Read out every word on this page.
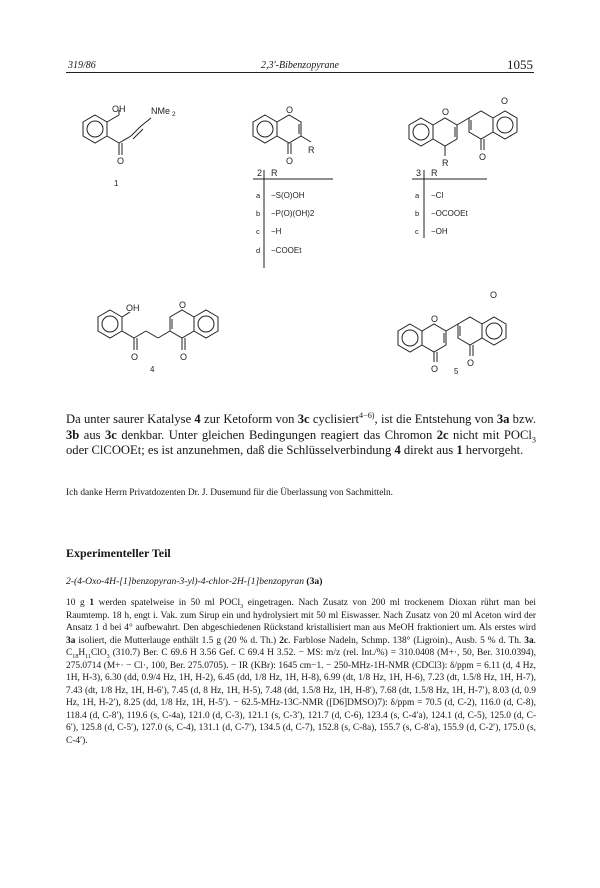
319/86	2,3'-Bibenzopyrane	1055
OH	NMe 2
O
1
O
R
O
O
O
O
R
2 R
a −S(O)OH
b −P(O)(OH)2
c −H
d −COOEt
3 R
a −Cl
b −OCOOEt
c −OH
OH	O
O	O
4
O
O
O
O 5
Da unter saurer Katalyse 4 zur Ketoform von 3c cyclisiert$^{4-6)}$, ist die Entstehung von 3a bzw. 3b aus 3c denkbar. Unter gleichen Bedingungen reagiert das Chromon 2c nicht mit POCl$_3$ oder ClCOOEt; es ist anzunehmen, daß die Schlüsselverbindung 4 direkt aus 1 hervorgeht.
Ich danke Herrn Privatdozenten Dr. J. Dusemund für die Überlassung von Sachmitteln.
Experimenteller Teil
2-(4-Oxo-4H-[1]benzopyran-3-yl)-4-chlor-2H-[1]benzopyran (3a)
10 g 1 werden spatelweise in 50 ml POCl$_3$ eingetragen. Nach Zusatz von 200 ml trockenem Dioxan rührt man bei Raumtemp. 18 h, engt i. Vak. zum Sirup ein und hydrolysiert mit 50 ml Eiswasser. Nach Zusatz von 20 ml Aceton wird der Ansatz 1 d bei 4° aufbewahrt. Den abgeschiedenen Rückstand kristallisiert man aus MeOH fraktioniert um. Als erstes wird 3a isoliert, die Mutterlauge enthält 1.5 g (20 % d. Th.) 2c. Farblose Nadeln, Schmp. 138° (Ligroin)., Ausb. 5 % d. Th. 3a. $C_{18}H_{11}ClO_3$ (310.7) Ber. C 69.6 H 3.56 Gef. C 69.4 H 3.52. − MS: m/z (rel. Int./%) = 310.0408 (M+·, 50, Ber. 310.0394), 275.0714 (M+· − Cl·, 100, Ber. 275.0705). − IR (KBr): 1645 cm−1. − 250-MHz-1H-NMR (CDCl3): δ/ppm = 6.11 (d, 4 Hz, 1H, H-3), 6.30 (dd, 0.9/4 Hz, 1H, H-2), 6.45 (dd, 1/8 Hz, 1H, H-8), 6.99 (dt, 1/8 Hz, 1H, H-6), 7.23 (dt, 1.5/8 Hz, 1H, H-7), 7.43 (dt, 1/8 Hz, 1H, H-6′), 7.45 (d, 8 Hz, 1H, H-5), 7.48 (dd, 1.5/8 Hz, 1H, H-8′), 7.68 (dt, 1.5/8 Hz, 1H, H-7′), 8.03 (d, 0.9 Hz, 1H, H-2′), 8.25 (dd, 1/8 Hz, 1H, H-5′). − 62.5-MHz-13C-NMR ([D6]DMSO)7): δ/ppm = 70.5 (d, C-2), 116.0 (d, C-8), 118.4 (d, C-8′), 119.6 (s, C-4a), 121.0 (d, C-3), 121.1 (s, C-3′), 121.7 (d, C-6), 123.4 (s, C-4′a), 124.1 (d, C-5), 125.0 (d, C-6′), 125.8 (d, C-5′), 127.0 (s, C-4), 131.1 (d, C-7′), 134.5 (d, C-7), 152.8 (s, C-8a), 155.7 (s, C-8′a), 155.9 (d, C-2′), 175.0 (s, C-4′).
